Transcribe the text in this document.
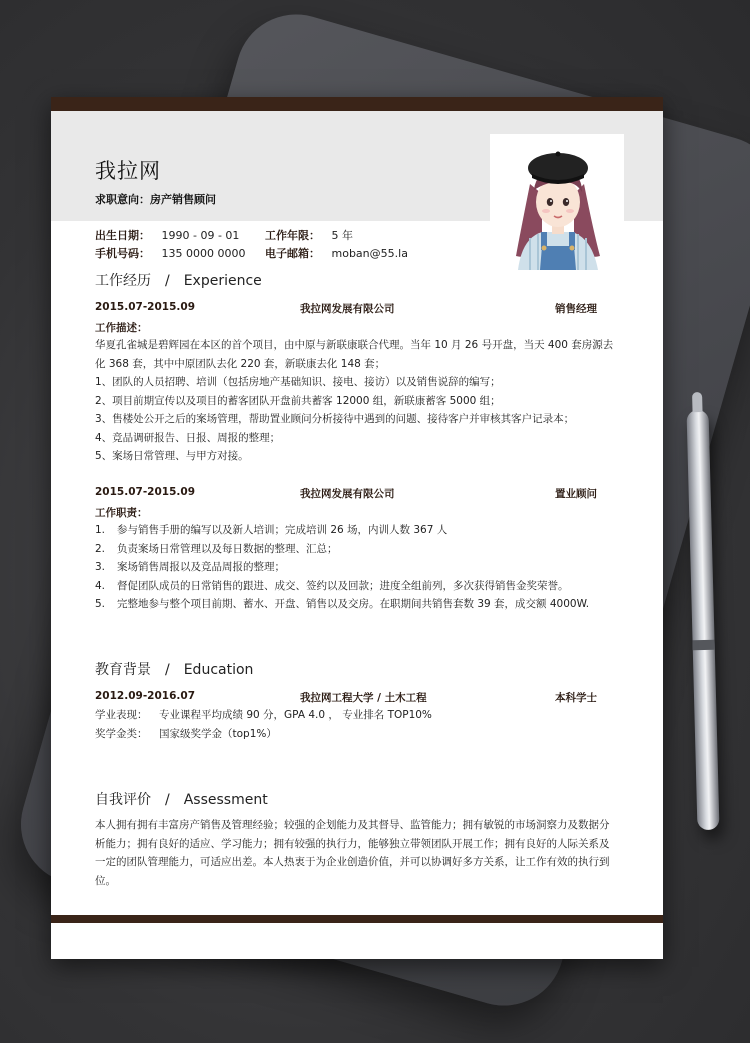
我拉网
求职意向：房产销售顾问
出生日期： 1990 - 09 - 01 工作年限： 5 年
手机号码： 135 0000 0000 电子邮箱： moban@55.la
工作经历　/　Experience
2015.07-2015.09	我拉网发展有限公司	销售经理
工作描述：

华夏孔雀城是碧辉园在本区的首个项目，由中原与新联康联合代理。当年 10 月 26 号开盘，当天 400 套房源去

化 368 套，其中中原团队去化 220 套，新联康去化 148 套；

1、团队的人员招聘、培训（包括房地产基础知识、接电、接访）以及销售说辞的编写；

2、项目前期宣传以及项目的蓄客团队开盘前共蓄客 12000 组，新联康蓄客 5000 组；

3、售楼处公开之后的案场管理，帮助置业顾问分析接待中遇到的问题、接待客户并审核其客户记录本；

4、竞品调研报告、日报、周报的整理；

5、案场日常管理、与甲方对接。

2015.07-2015.09	我拉网发展有限公司	置业顾问
工作职责：
1. 参与销售手册的编写以及新人培训；完成培训 26 场，内训人数 367 人
2. 负责案场日常管理以及每日数据的整理、汇总；
3. 案场销售周报以及竞品周报的整理；
4. 督促团队成员的日常销售的跟进、成交、签约以及回款；进度全组前列，多次获得销售金奖荣誉。
5. 完整地参与整个项目前期、蓄水、开盘、销售以及交房。在职期间共销售套数 39 套，成交额 4000W.
教育背景　/　Education
2012.09-2016.07	我拉网工程大学 / 土木工程	本科学士
学业表现： 专业课程平均成绩 90 分，GPA 4.0 ， 专业排名 TOP10%
奖学金类： 国家级奖学金（top1%）
自我评价　/　Assessment

本人拥有拥有丰富房产销售及管理经验；较强的企划能力及其督导、监管能力；拥有敏锐的市场洞察力及数据分

析能力；拥有良好的适应、学习能力；拥有较强的执行力，能够独立带领团队开展工作；拥有良好的人际关系及

一定的团队管理能力，可适应出差。本人热衷于为企业创造价值，并可以协调好多方关系，让工作有效的执行到

位。
